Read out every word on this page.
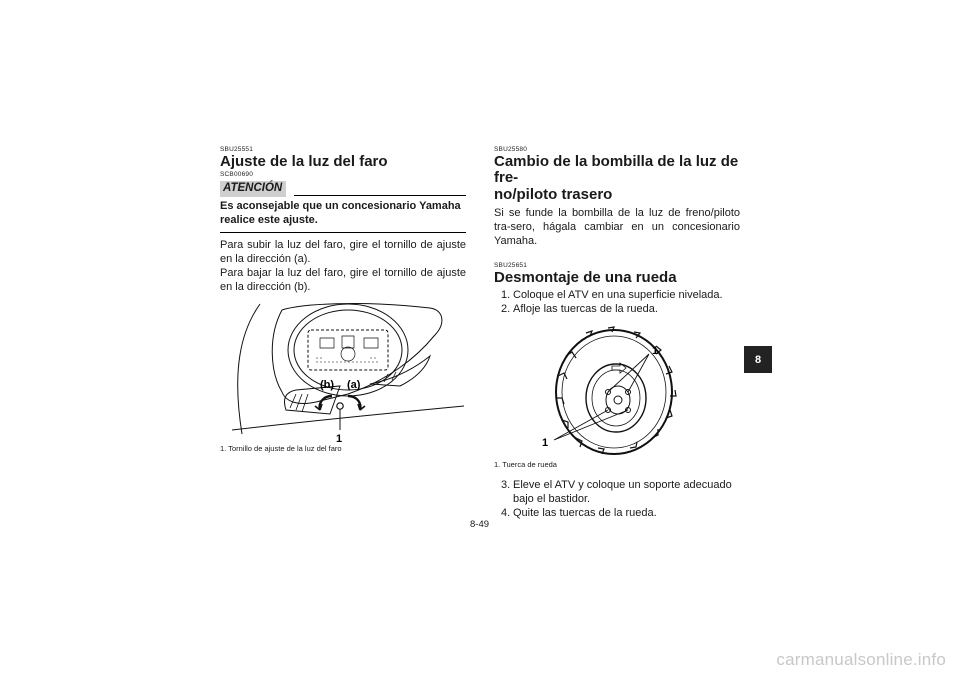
SBU25551
Ajuste de la luz del faro
SCB00690
ATENCIÓN
Es aconsejable que un concesionario Yamaha realice este ajuste.
Para subir la luz del faro, gire el tornillo de ajuste en la dirección (a).
Para bajar la luz del faro, gire el tornillo de ajuste en la dirección (b).
(b) (a)
1
1. Tornillo de ajuste de la luz del faro
SBU25580
Cambio de la bombilla de la luz de fre-
no/piloto trasero
Si se funde la bombilla de la luz de freno/piloto tra-sero, hágala cambiar en un concesionario Yamaha.
SBU25651
Desmontaje de una rueda
1. Coloque el ATV en una superficie nivelada.
2. Afloje las tuercas de la rueda.
1
1
1. Tuerca de rueda
3. Eleve el ATV y coloque un soporte adecuado bajo el bastidor.
4. Quite las tuercas de la rueda.
8
8-49
carmanualsonline.info
